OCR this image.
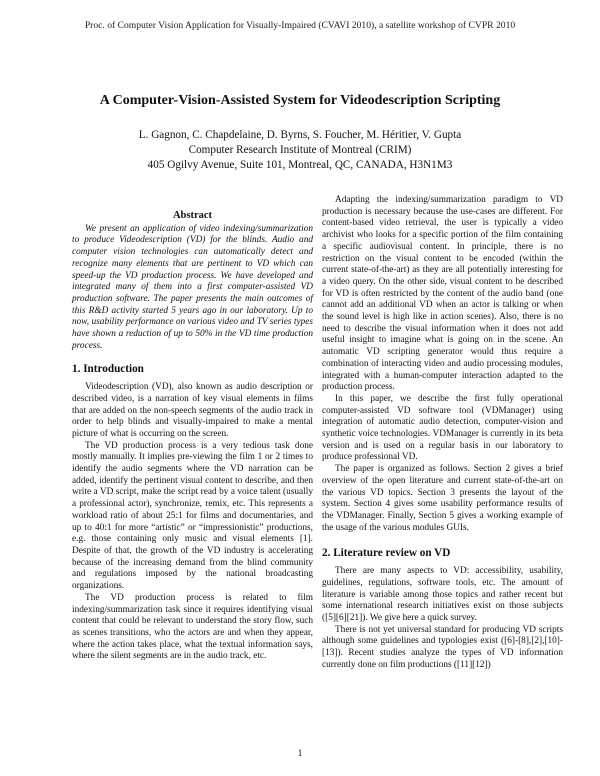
Proc. of Computer Vision Application for Visually-Impaired (CVAVI 2010), a satellite workshop of CVPR 2010
A Computer-Vision-Assisted System for Videodescription Scripting
L. Gagnon, C. Chapdelaine, D. Byrns, S. Foucher, M. Héritier, V. Gupta
Computer Research Institute of Montreal (CRIM)
405 Ogilvy Avenue, Suite 101, Montreal, QC, CANADA, H3N1M3
Abstract

We present an application of video indexing/summarization to produce Videodescription (VD) for the blinds. Audio and computer vision technologies can automatically detect and recognize many elements that are pertinent to VD which can speed-up the VD production process. We have developed and integrated many of them into a first computer-assisted VD production software. The paper presents the main outcomes of this R&D activity started 5 years ago in our laboratory. Up to now, usability performance on various video and TV series types have shown a reduction of up to 50% in the VD time production process.

1. Introduction

Videodescription (VD), also known as audio description or described video, is a narration of key visual elements in films that are added on the non-speech segments of the audio track in order to help blinds and visually-impaired to make a mental picture of what is occurring on the screen.

The VD production process is a very tedious task done mostly manually. It implies pre-viewing the film 1 or 2 times to identify the audio segments where the VD narration can be added, identify the pertinent visual content to describe, and then write a VD script, make the script read by a voice talent (usually a professional actor), synchronize, remix, etc. This represents a workload ratio of about 25:1 for films and documentaries, and up to 40:1 for more “artistic” or “impressionistic” productions, e.g. those containing only music and visual elements [1]. Despite of that, the growth of the VD industry is accelerating because of the increasing demand from the blind community and regulations imposed by the national broadcasting organizations.

The VD production process is related to film indexing/summarization task since it requires identifying visual content that could be relevant to understand the story flow, such as scenes transitions, who the actors are and when they appear, where the action takes place, what the textual information says, where the silent segments are in the audio track, etc.

Adapting the indexing/summarization paradigm to VD production is necessary because the use-cases are different. For content-based video retrieval, the user is typically a video archivist who looks for a specific portion of the film containing a specific audiovisual content. In principle, there is no restriction on the visual content to be encoded (within the current state-of-the-art) as they are all potentially interesting for a video query. On the other side, visual content to be described for VD is often restricted by the content of the audio band (one cannot add an additional VD when an actor is talking or when the sound level is high like in action scenes). Also, there is no need to describe the visual information when it does not add useful insight to imagine what is going on in the scene. An automatic VD scripting generator would thus require a combination of interacting video and audio processing modules, integrated with a human-computer interaction adapted to the production process.

In this paper, we describe the first fully operational computer-assisted VD software tool (VDManager) using integration of automatic audio detection, computer-vision and synthetic voice technologies. VDManager is currently in its beta version and is used on a regular basis in our laboratory to produce professional VD.

The paper is organized as follows. Section 2 gives a brief overview of the open literature and current state-of-the-art on the various VD topics. Section 3 presents the layout of the system. Section 4 gives some usability performance results of the VDManager. Finally, Section 5 gives a working example of the usage of the various modules GUIs.

2. Literature review on VD

There are many aspects to VD: accessibility, usability, guidelines, regulations, software tools, etc. The amount of literature is variable among those topics and rather recent but some international research initiatives exist on those subjects ([5][6][21]). We give here a quick survey.

There is not yet universal standard for producing VD scripts although some guidelines and typologies exist ([6]-[8],[2],[10]-[13]). Recent studies analyze the types of VD information currently done on film productions ([11][12])

1
